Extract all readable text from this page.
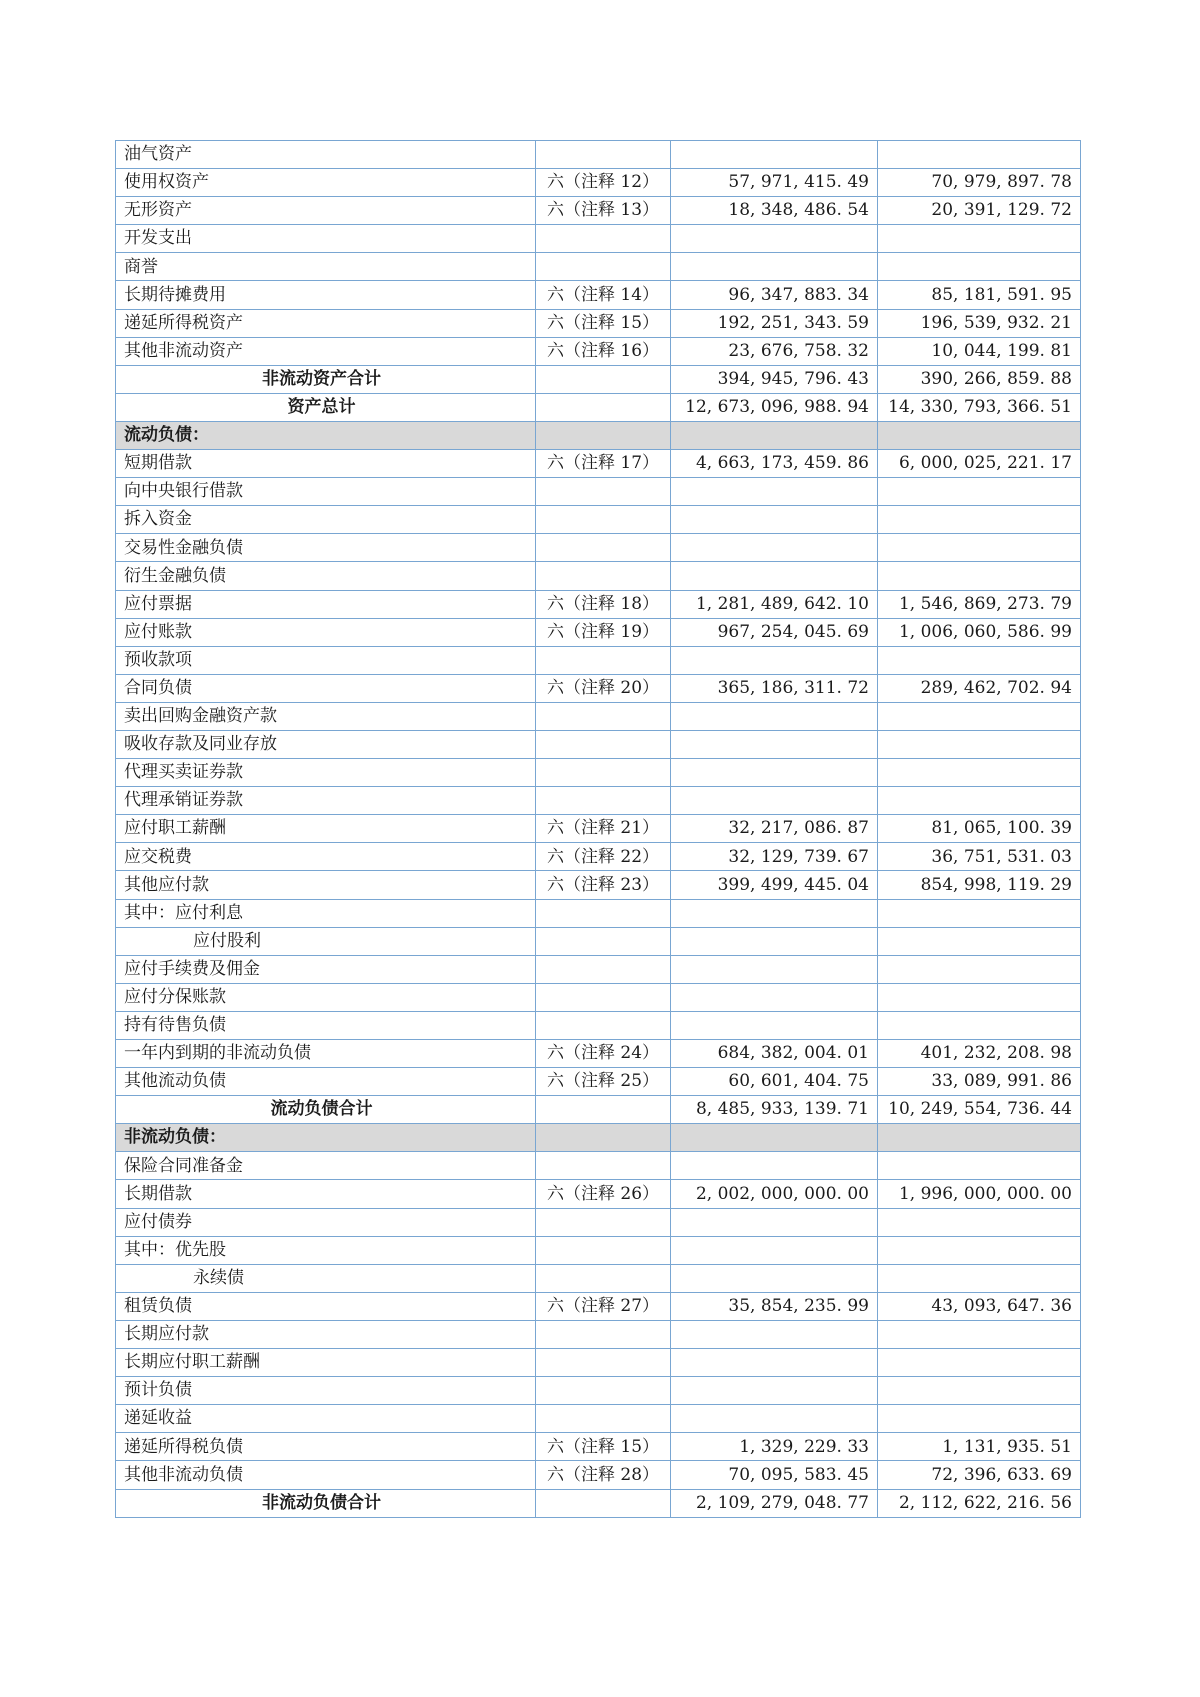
油气资产			
使用权资产	六（注释 12）	57, 971, 415. 49	70, 979, 897. 78
无形资产	六（注释 13）	18, 348, 486. 54	20, 391, 129. 72
开发支出			
商誉			
长期待摊费用	六（注释 14）	96, 347, 883. 34	85, 181, 591. 95
递延所得税资产	六（注释 15）	192, 251, 343. 59	196, 539, 932. 21
其他非流动资产	六（注释 16）	23, 676, 758. 32	10, 044, 199. 81
非流动资产合计		394, 945, 796. 43	390, 266, 859. 88
资产总计		12, 673, 096, 988. 94	14, 330, 793, 366. 51
流动负债：			
短期借款	六（注释 17）	4, 663, 173, 459. 86	6, 000, 025, 221. 17
向中央银行借款			
拆入资金			
交易性金融负债			
衍生金融负债			
应付票据	六（注释 18）	1, 281, 489, 642. 10	1, 546, 869, 273. 79
应付账款	六（注释 19）	967, 254, 045. 69	1, 006, 060, 586. 99
预收款项			
合同负债	六（注释 20）	365, 186, 311. 72	289, 462, 702. 94
卖出回购金融资产款			
吸收存款及同业存放			
代理买卖证券款			
代理承销证券款			
应付职工薪酬	六（注释 21）	32, 217, 086. 87	81, 065, 100. 39
应交税费	六（注释 22）	32, 129, 739. 67	36, 751, 531. 03
其他应付款	六（注释 23）	399, 499, 445. 04	854, 998, 119. 29
其中：应付利息			
应付股利			
应付手续费及佣金			
应付分保账款			
持有待售负债			
一年内到期的非流动负债	六（注释 24）	684, 382, 004. 01	401, 232, 208. 98
其他流动负债	六（注释 25）	60, 601, 404. 75	33, 089, 991. 86
流动负债合计		8, 485, 933, 139. 71	10, 249, 554, 736. 44
非流动负债：			
保险合同准备金			
长期借款	六（注释 26）	2, 002, 000, 000. 00	1, 996, 000, 000. 00
应付债券			
其中：优先股			
永续债			
租赁负债	六（注释 27）	35, 854, 235. 99	43, 093, 647. 36
长期应付款			
长期应付职工薪酬			
预计负债			
递延收益			
递延所得税负债	六（注释 15）	1, 329, 229. 33	1, 131, 935. 51
其他非流动负债	六（注释 28）	70, 095, 583. 45	72, 396, 633. 69
非流动负债合计		2, 109, 279, 048. 77	2, 112, 622, 216. 56
